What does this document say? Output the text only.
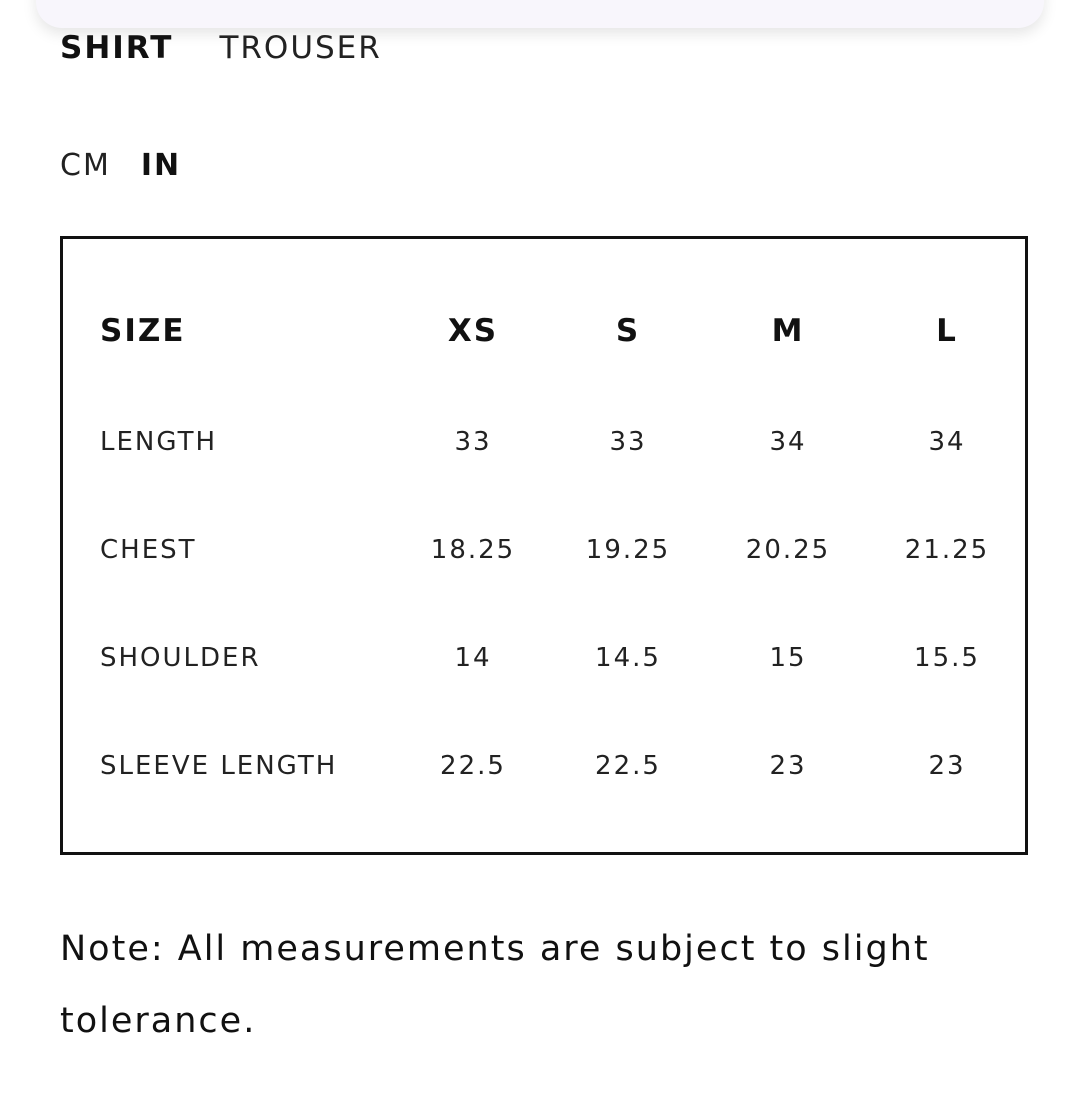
SHIRT TROUSER
CM IN
SIZE	XS	S	M	L
LENGTH	33	33	34	34
CHEST	18.25	19.25	20.25	21.25
SHOULDER	14	14.5	15	15.5
SLEEVE LENGTH	22.5	22.5	23	23
Note: All measurements are subject to slight tolerance.
